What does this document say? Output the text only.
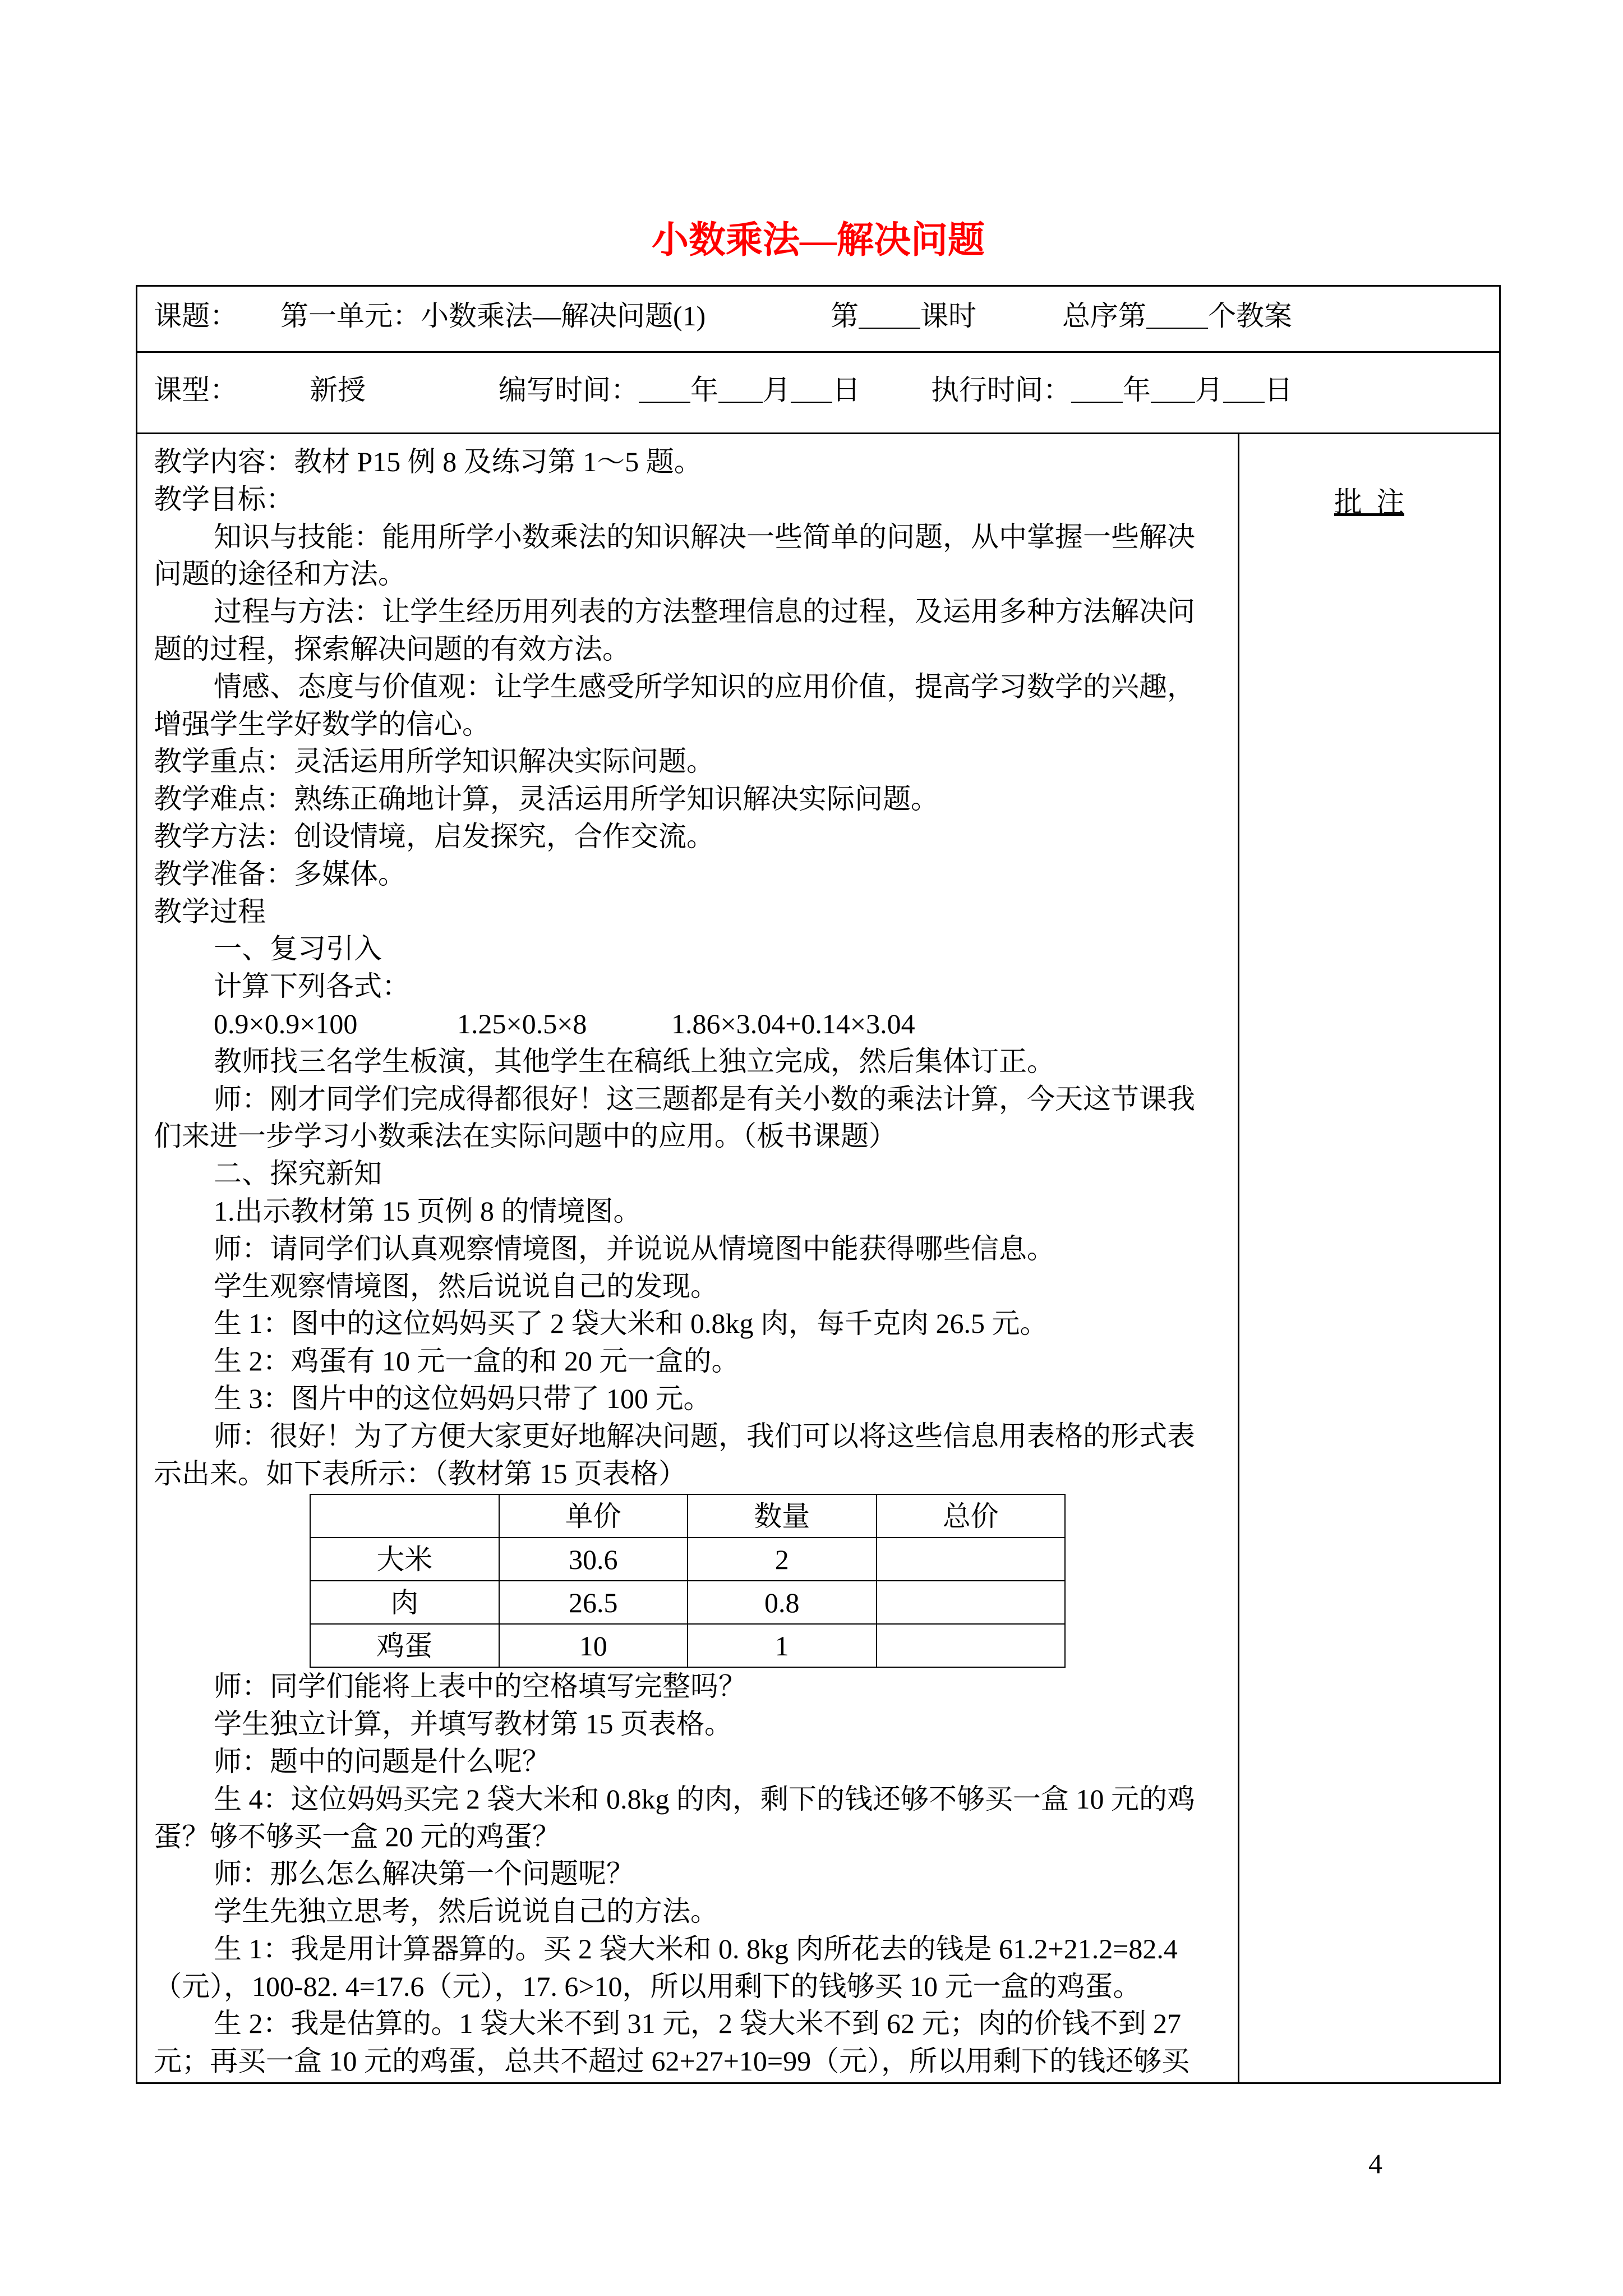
小数乘法—解决问题
课题： 第一单元：小数乘法—解决问题(1)	第 课时	总序第 个教案
课型：	新授	编写时间： 年 月 日	执行时间： 年 月 日
教学内容：教材 P15 例 8 及练习第 1～5 题。
教学目标：
知识与技能：能用所学小数乘法的知识解决一些简单的问题，从中掌握一些解决
问题的途径和方法。
过程与方法：让学生经历用列表的方法整理信息的过程，及运用多种方法解决问
题的过程，探索解决问题的有效方法。
情感、态度与价值观：让学生感受所学知识的应用价值，提高学习数学的兴趣，
增强学生学好数学的信心。
教学重点：灵活运用所学知识解决实际问题。
教学难点：熟练正确地计算，灵活运用所学知识解决实际问题。
教学方法：创设情境，启发探究，合作交流。
教学准备：多媒体。
教学过程
一、复习引入
计算下列各式：
0.9×0.9×100	1.25×0.5×8	1.86×3.04+0.14×3.04
教师找三名学生板演，其他学生在稿纸上独立完成，然后集体订正。
师：刚才同学们完成得都很好！这三题都是有关小数的乘法计算，今天这节课我
们来进一步学习小数乘法在实际问题中的应用。（板书课题）
二、探究新知
1.出示教材第 15 页例 8 的情境图。
师：请同学们认真观察情境图，并说说从情境图中能获得哪些信息。
学生观察情境图，然后说说自己的发现。
生 1：图中的这位妈妈买了 2 袋大米和 0.8kg 肉，每千克肉 26.5 元。
生 2：鸡蛋有 10 元一盒的和 20 元一盒的。
生 3：图片中的这位妈妈只带了 100 元。
师：很好！为了方便大家更好地解决问题，我们可以将这些信息用表格的形式表
示出来。如下表所示：（教材第 15 页表格）
	单价	数量	总价
大米	30.6	2	
肉	26.5	0.8	
鸡蛋	10	1	
师：同学们能将上表中的空格填写完整吗？
学生独立计算，并填写教材第 15 页表格。
师：题中的问题是什么呢？
生 4：这位妈妈买完 2 袋大米和 0.8kg 的肉，剩下的钱还够不够买一盒 10 元的鸡
蛋？够不够买一盒 20 元的鸡蛋？
师：那么怎么解决第一个问题呢？
学生先独立思考，然后说说自己的方法。
生 1：我是用计算器算的。买 2 袋大米和 0. 8kg 肉所花去的钱是 61.2+21.2=82.4
（元），100-82. 4=17.6（元），17. 6>10，所以用剩下的钱够买 10 元一盒的鸡蛋。
生 2：我是估算的。1 袋大米不到 31 元，2 袋大米不到 62 元；肉的价钱不到 27
元；再买一盒 10 元的鸡蛋，总共不超过 62+27+10=99（元），所以用剩下的钱还够买
批  注
4
